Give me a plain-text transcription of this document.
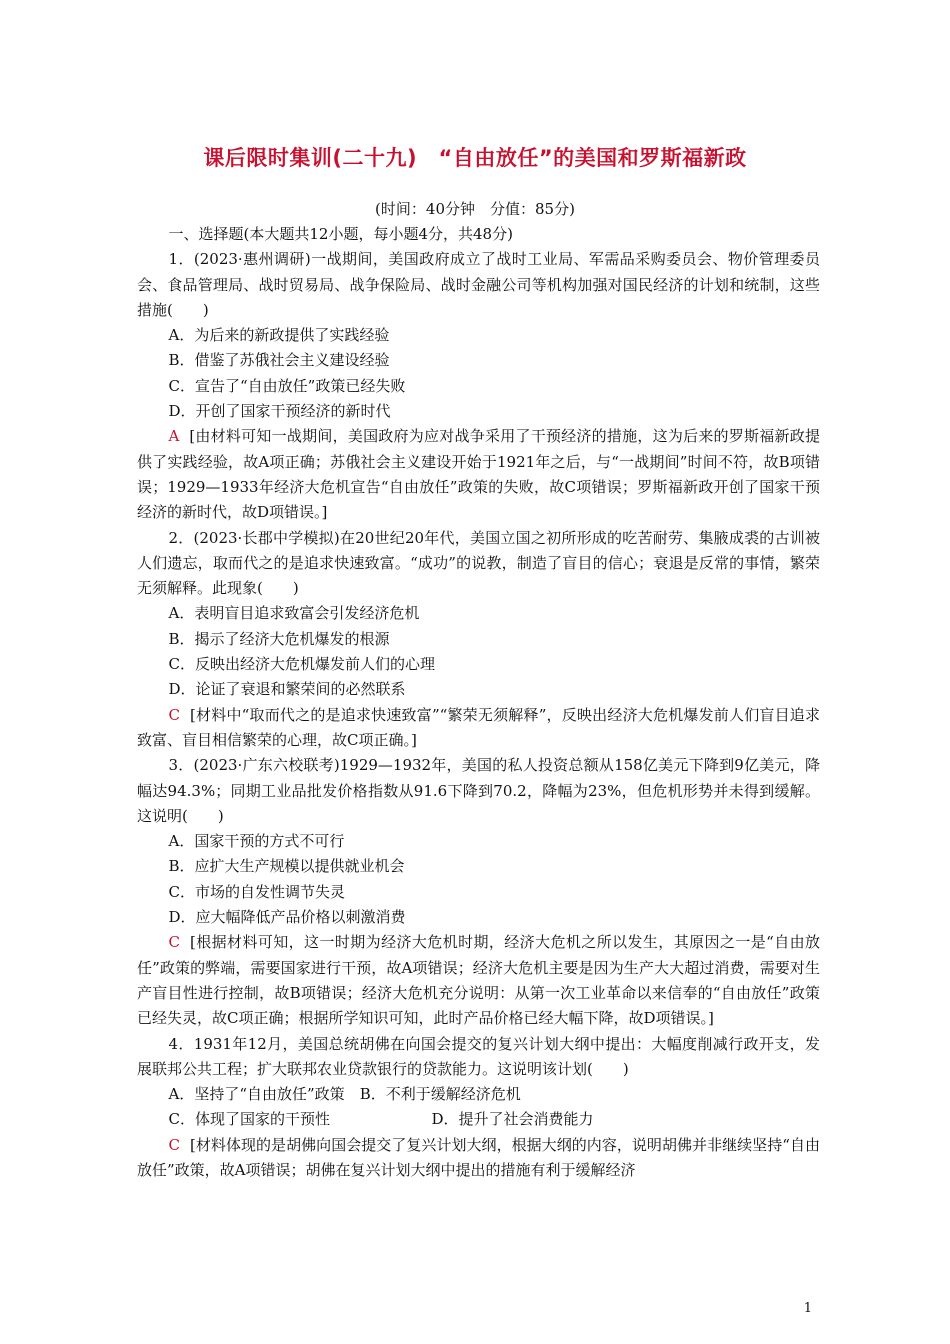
课后限时集训(二十九)　“自由放任”的美国和罗斯福新政
(时间：40分钟　分值：85分)
一、选择题(本大题共12小题，每小题4分，共48分)
1．(2023·惠州调研)一战期间，美国政府成立了战时工业局、军需品采购委员会、物价管理委员会、食品管理局、战时贸易局、战争保险局、战时金融公司等机构加强对国民经济的计划和统制，这些措施(　　)
A．为后来的新政提供了实践经验
B．借鉴了苏俄社会主义建设经验
C．宣告了“自由放任”政策已经失败
D．开创了国家干预经济的新时代
A [由材料可知一战期间，美国政府为应对战争采用了干预经济的措施，这为后来的罗斯福新政提供了实践经验，故A项正确；苏俄社会主义建设开始于1921年之后，与“一战期间”时间不符，故B项错误；1929—1933年经济大危机宣告“自由放任”政策的失败，故C项错误；罗斯福新政开创了国家干预经济的新时代，故D项错误。]
2．(2023·长郡中学模拟)在20世纪20年代，美国立国之初所形成的吃苦耐劳、集腋成裘的古训被人们遗忘，取而代之的是追求快速致富。“成功”的说教，制造了盲目的信心；衰退是反常的事情，繁荣无须解释。此现象(　　)
A．表明盲目追求致富会引发经济危机
B．揭示了经济大危机爆发的根源
C．反映出经济大危机爆发前人们的心理
D．论证了衰退和繁荣间的必然联系
C [材料中“取而代之的是追求快速致富”“繁荣无须解释”，反映出经济大危机爆发前人们盲目追求致富、盲目相信繁荣的心理，故C项正确。]
3．(2023·广东六校联考)1929—1932年，美国的私人投资总额从158亿美元下降到9亿美元，降幅达94.3%；同期工业品批发价格指数从91.6下降到70.2，降幅为23%，但危机形势并未得到缓解。这说明(　　)
A．国家干预的方式不可行
B．应扩大生产规模以提供就业机会
C．市场的自发性调节失灵
D．应大幅降低产品价格以刺激消费
C [根据材料可知，这一时期为经济大危机时期，经济大危机之所以发生，其原因之一是“自由放任”政策的弊端，需要国家进行干预，故A项错误；经济大危机主要是因为生产大大超过消费，需要对生产盲目性进行控制，故B项错误；经济大危机充分说明：从第一次工业革命以来信奉的“自由放任”政策已经失灵，故C项正确；根据所学知识可知，此时产品价格已经大幅下降，故D项错误。]
4．1931年12月，美国总统胡佛在向国会提交的复兴计划大纲中提出：大幅度削减行政开支，发展联邦公共工程；扩大联邦农业贷款银行的贷款能力。这说明该计划(　　)
A．坚持了“自由放任”政策　 B．不利于缓解经济危机
C．体现了国家的干预性	D．提升了社会消费能力
C [材料体现的是胡佛向国会提交了复兴计划大纲，根据大纲的内容，说明胡佛并非继续坚持“自由放任”政策，故A项错误；胡佛在复兴计划大纲中提出的措施有利于缓解经济
1
